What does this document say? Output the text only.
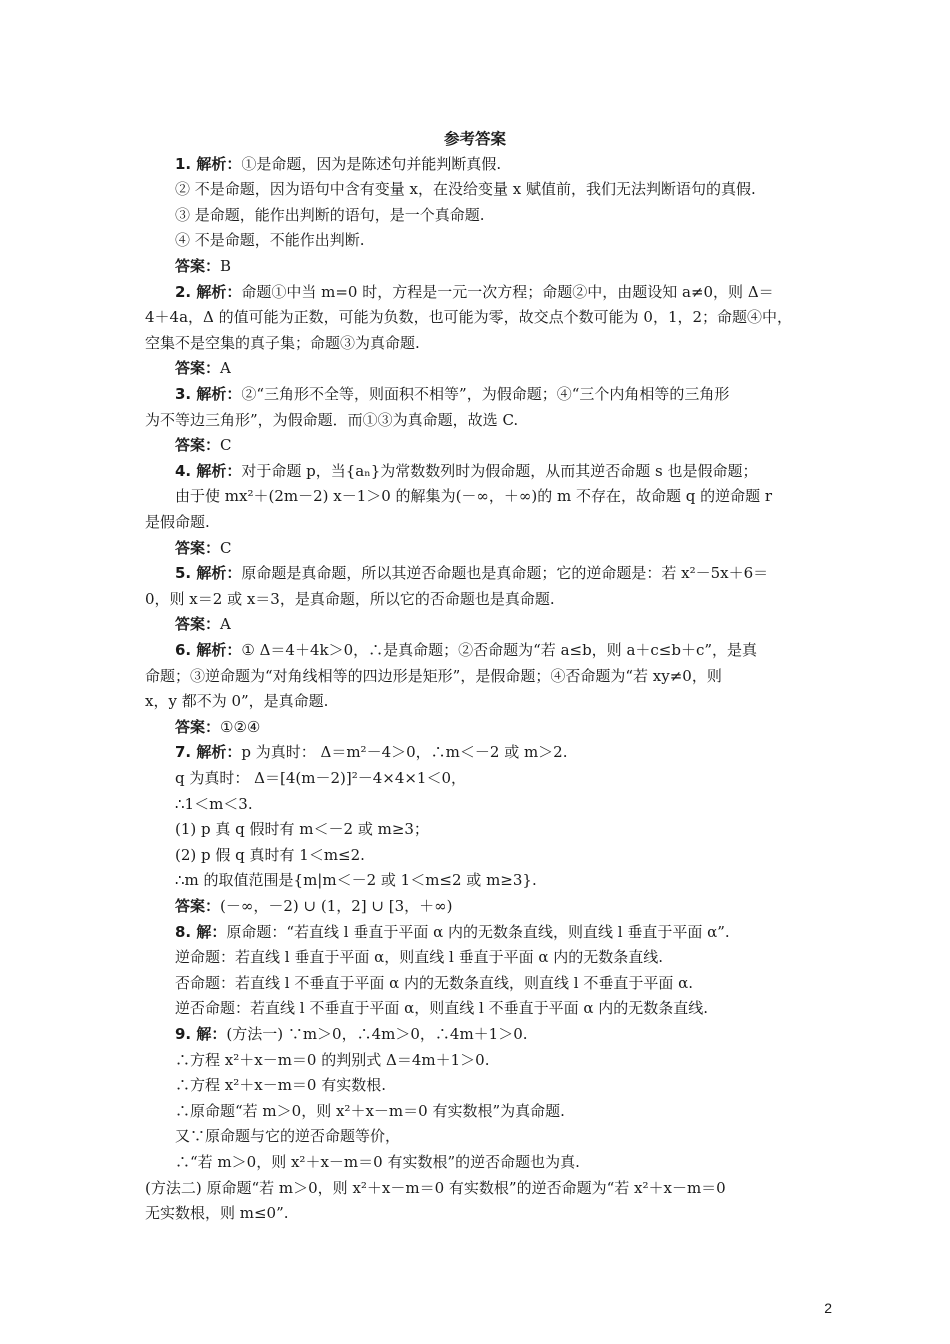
参考答案
1. 解析：①是命题，因为是陈述句并能判断真假.
② 不是命题，因为语句中含有变量 x，在没给变量 x 赋值前，我们无法判断语句的真假.
③ 是命题，能作出判断的语句，是一个真命题.
④ 不是命题，不能作出判断.
答案：B
2. 解析：命题①中当 m=0 时，方程是一元一次方程；命题②中，由题设知 a≠0，则 Δ＝
4＋4a，Δ 的值可能为正数，可能为负数，也可能为零，故交点个数可能为 0，1，2；命题④中，
空集不是空集的真子集；命题③为真命题.
答案：A
3. 解析：②“三角形不全等，则面积不相等”，为假命题；④“三个内角相等的三角形
为不等边三角形”，为假命题．而①③为真命题，故选 C.
答案：C
4. 解析：对于命题 p，当{aₙ}为常数数列时为假命题，从而其逆否命题 s 也是假命题；
由于使 mx²＋(2m－2) x－1＞0 的解集为(－∞，＋∞)的 m 不存在，故命题 q 的逆命题 r
是假命题.
答案：C
5. 解析：原命题是真命题，所以其逆否命题也是真命题；它的逆命题是：若 x²－5x＋6＝
0，则 x＝2 或 x＝3，是真命题，所以它的否命题也是真命题.
答案：A
6. 解析：① Δ＝4＋4k＞0，∴是真命题；②否命题为“若 a≤b，则 a＋c≤b＋c”，是真
命题；③逆命题为“对角线相等的四边形是矩形”，是假命题；④否命题为“若 xy≠0，则
x，y 都不为 0”，是真命题.
答案：①②④
7. 解析：p 为真时： Δ＝m²－4＞0，∴m＜－2 或 m＞2.
q 为真时： Δ＝[4(m－2)]²－4×4×1＜0，
∴1＜m＜3.
(1) p 真 q 假时有 m＜－2 或 m≥3；
(2) p 假 q 真时有 1＜m≤2.
∴m 的取值范围是{m|m＜－2 或 1＜m≤2 或 m≥3}.
答案：(－∞，－2) ∪ (1，2] ∪ [3，＋∞)
8. 解：原命题：“若直线 l 垂直于平面 α 内的无数条直线，则直线 l 垂直于平面 α”.
逆命题：若直线 l 垂直于平面 α，则直线 l 垂直于平面 α 内的无数条直线.
否命题：若直线 l 不垂直于平面 α 内的无数条直线，则直线 l 不垂直于平面 α.
逆否命题：若直线 l 不垂直于平面 α，则直线 l 不垂直于平面 α 内的无数条直线.
9. 解：(方法一) ∵m＞0，∴4m＞0，∴4m＋1＞0.
∴方程 x²＋x－m＝0 的判别式 Δ＝4m＋1＞0.
∴方程 x²＋x－m＝0 有实数根.
∴原命题“若 m＞0，则 x²＋x－m＝0 有实数根”为真命题.
又∵原命题与它的逆否命题等价，
∴“若 m＞0，则 x²＋x－m＝0 有实数根”的逆否命题也为真.
(方法二) 原命题“若 m＞0，则 x²＋x－m＝0 有实数根”的逆否命题为“若 x²＋x－m＝0
无实数根，则 m≤0”.
2
